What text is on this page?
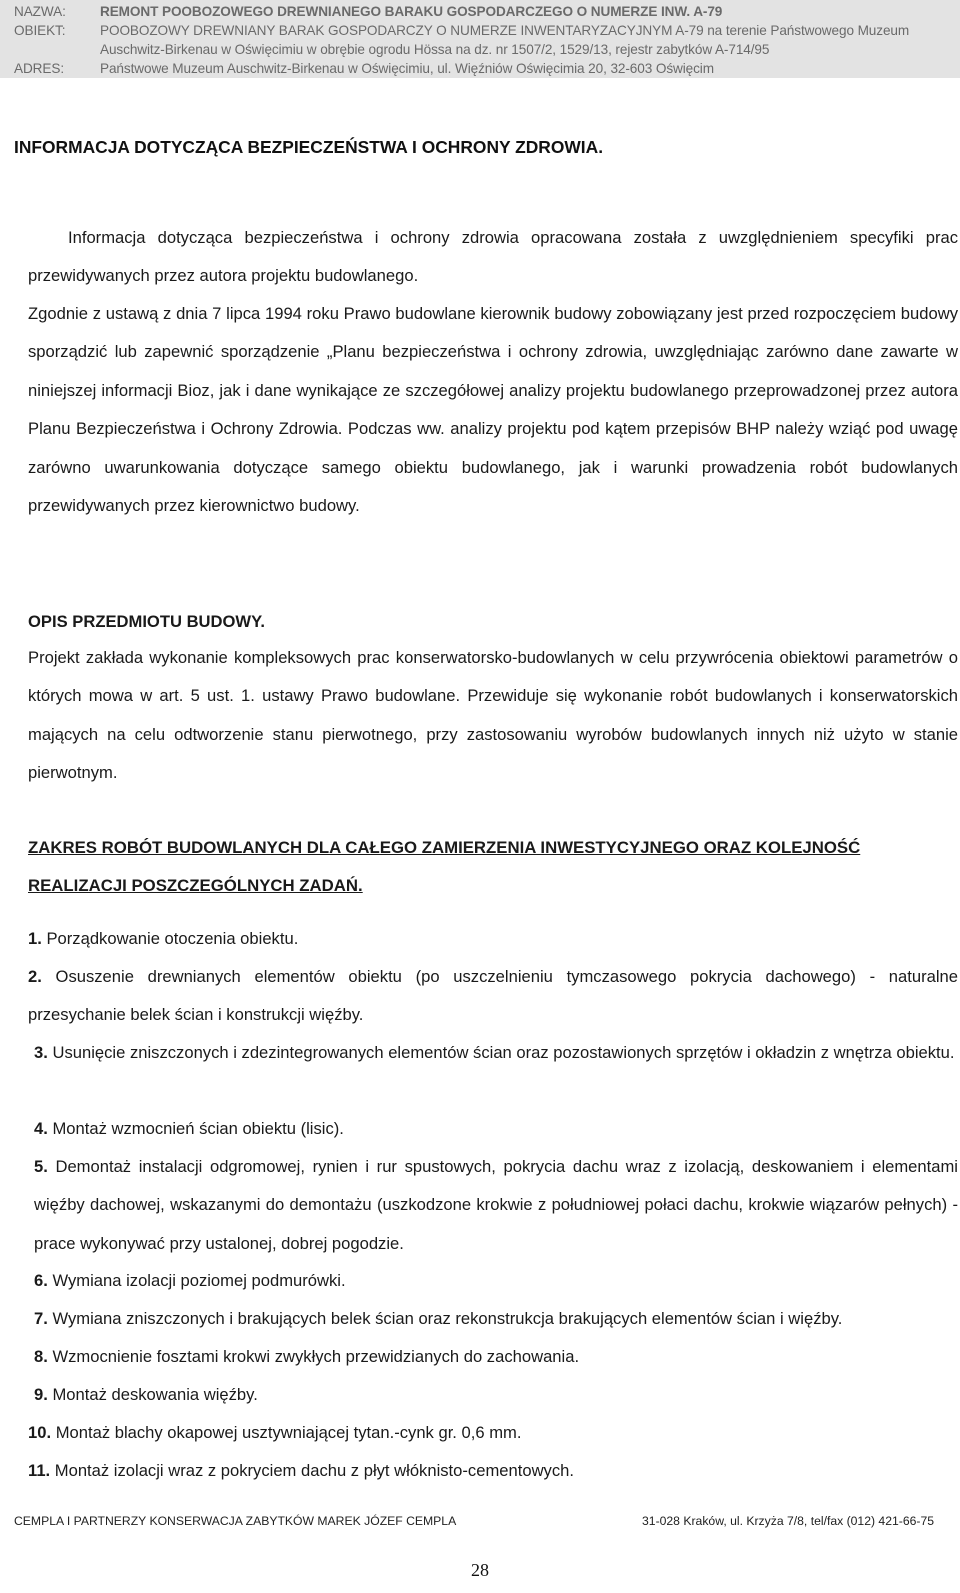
NAZWA:	REMONT POOBOZOWEGO DREWNIANEGO BARAKU GOSPODARCZEGO O NUMERZE INW. A-79
OBIEKT:	POOBOZOWY DREWNIANY BARAK GOSPODARCZY O NUMERZE INWENTARYZACYJNYM A-79 na terenie Państwowego Muzeum
Auschwitz-Birkenau w Oświęcimiu w obrębie ogrodu Hössa na dz. nr 1507/2, 1529/13, rejestr zabytków A-714/95
ADRES:	Państwowe Muzeum Auschwitz-Birkenau w Oświęcimiu, ul. Więźniów Oświęcimia 20, 32-603 Oświęcim
INFORMACJA DOTYCZĄCA BEZPIECZEŃSTWA I OCHRONY ZDROWIA.

Informacja dotycząca bezpieczeństwa i ochrony zdrowia opracowana została z uwzględnieniem specyfiki prac przewidywanych przez autora projektu budowlanego.

Zgodnie z ustawą z dnia 7 lipca 1994 roku Prawo budowlane kierownik budowy zobowiązany jest przed rozpoczęciem budowy sporządzić lub zapewnić sporządzenie „Planu bezpieczeństwa i ochrony zdrowia, uwzględniając zarówno dane zawarte w niniejszej informacji Bioz, jak i dane wynikające ze szczegółowej analizy projektu budowlanego przeprowadzonej przez autora Planu Bezpieczeństwa i Ochrony Zdrowia. Podczas ww. analizy projektu pod kątem przepisów BHP należy wziąć pod uwagę zarówno uwarunkowania dotyczące samego obiektu budowlanego, jak i warunki prowadzenia robót budowlanych przewidywanych przez kierownictwo budowy.

OPIS PRZEDMIOTU BUDOWY.

Projekt zakłada wykonanie kompleksowych prac konserwatorsko-budowlanych w celu przywrócenia obiektowi parametrów o których mowa w art. 5 ust. 1. ustawy Prawo budowlane. Przewiduje się wykonanie robót budowlanych i konserwatorskich mających na celu odtworzenie stanu pierwotnego, przy zastosowaniu wyrobów budowlanych innych niż użyto w stanie pierwotnym.

ZAKRES ROBÓT BUDOWLANYCH DLA CAŁEGO ZAMIERZENIA INWESTYCYJNEGO ORAZ KOLEJNOŚĆ REALIZACJI POSZCZEGÓLNYCH ZADAŃ.

1. Porządkowanie otoczenia obiektu.

2. Osuszenie drewnianych elementów obiektu (po uszczelnieniu tymczasowego pokrycia dachowego) - naturalne przesychanie belek ścian i konstrukcji więźby.

3. Usunięcie zniszczonych i zdezintegrowanych elementów ścian oraz pozostawionych sprzętów i okładzin z wnętrza obiektu.

4. Montaż wzmocnień ścian obiektu (lisic).

5. Demontaż instalacji odgromowej, rynien i rur spustowych, pokrycia dachu wraz z izolacją, deskowaniem i elementami więźby dachowej, wskazanymi do demontażu (uszkodzone krokwie z południowej połaci dachu, krokwie wiązarów pełnych) - prace wykonywać przy ustalonej, dobrej pogodzie.

6. Wymiana izolacji poziomej podmurówki.

7. Wymiana zniszczonych i brakujących belek ścian oraz rekonstrukcja brakujących elementów ścian i więźby.

8. Wzmocnienie fosztami krokwi zwykłych przewidzianych do zachowania.

9. Montaż deskowania więźby.

10. Montaż blachy okapowej usztywniającej tytan.-cynk gr. 0,6 mm.

11. Montaż izolacji wraz z pokryciem dachu z płyt włóknisto-cementowych.

CEMPLA I PARTNERZY KONSERWACJA ZABYTKÓW MAREK JÓZEF CEMPLA	31-028 Kraków, ul. Krzyża 7/8, tel/fax (012) 421-66-75
28
